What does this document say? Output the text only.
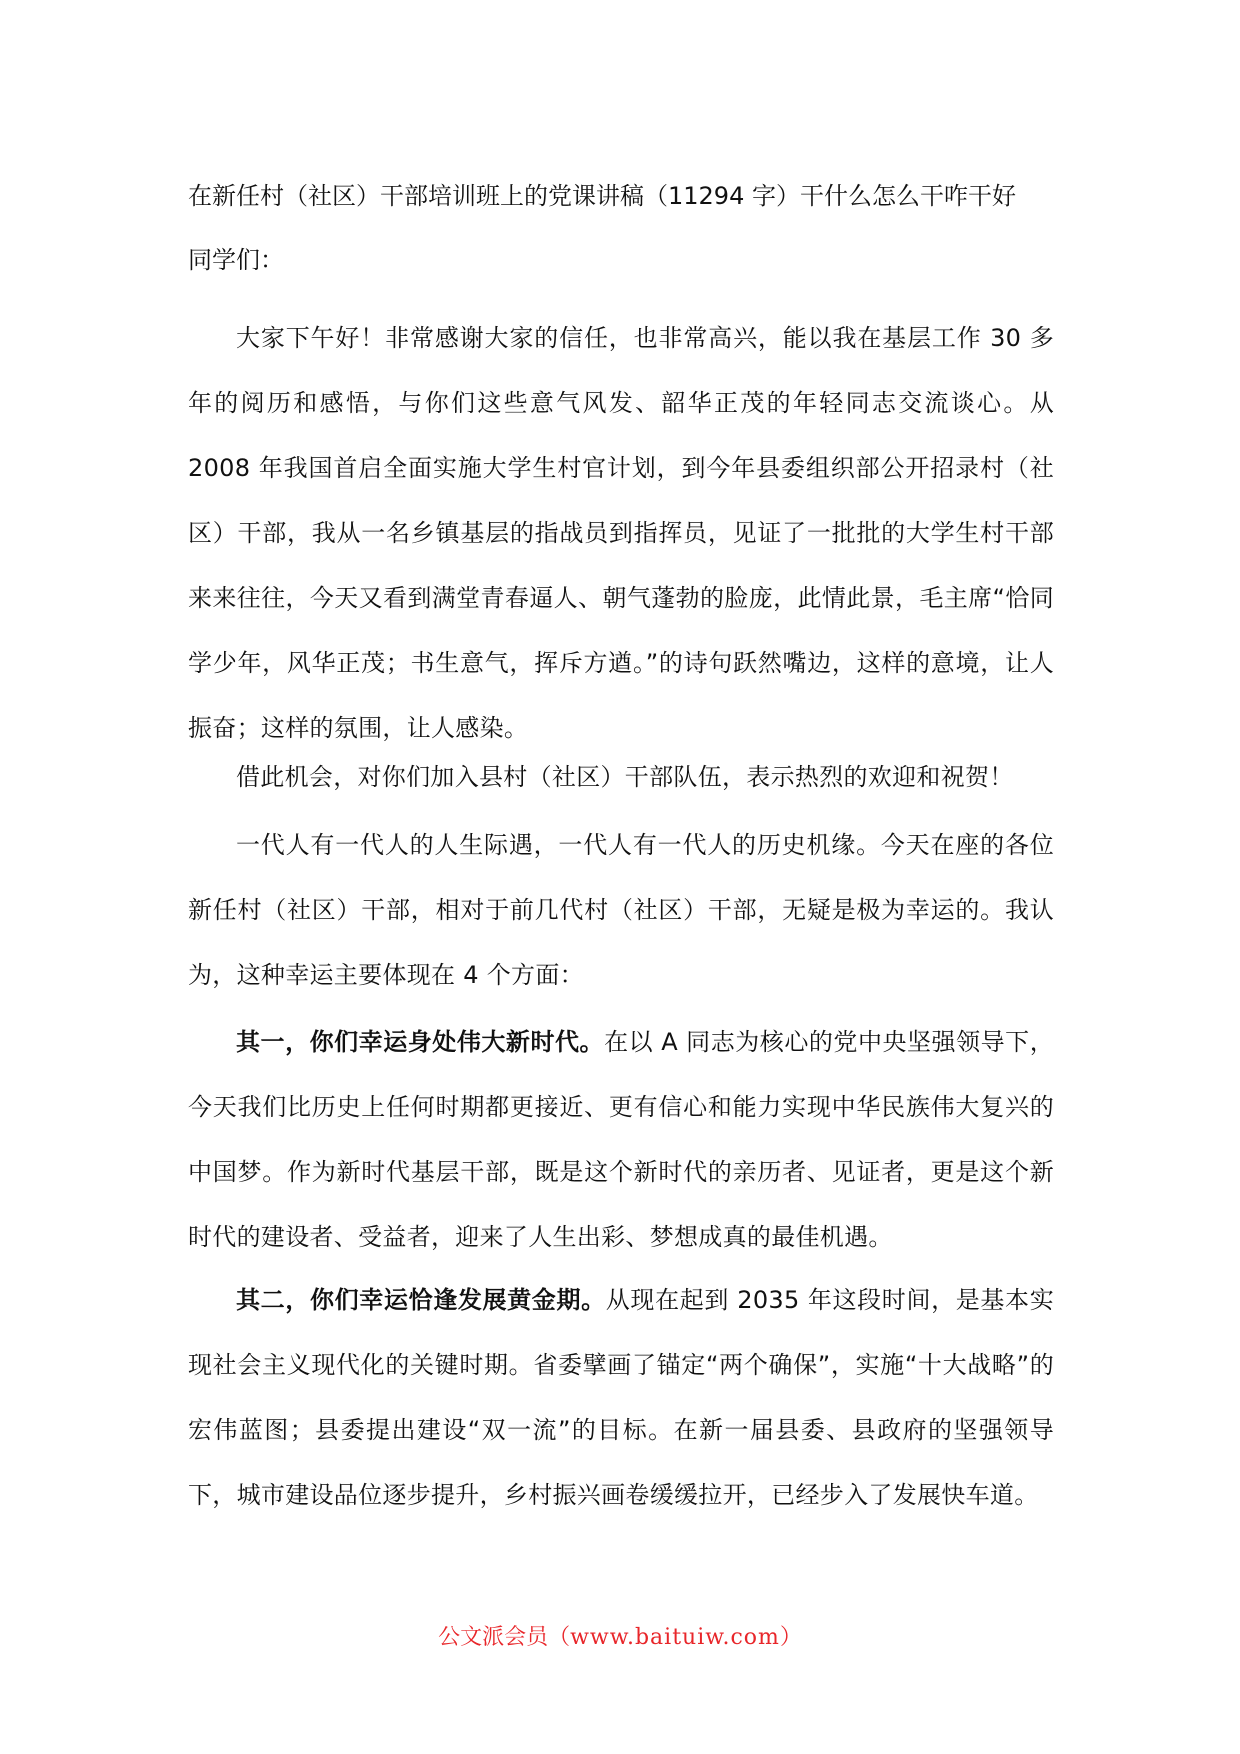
在新任村（社区）干部培训班上的党课讲稿（11294 字）干什么怎么干咋干好
同学们：

大家下午好！非常感谢大家的信任，也非常高兴，能以我在基层工作 30 多年的阅历和感悟，与你们这些意气风发、韶华正茂的年轻同志交流谈心。从 2008 年我国首启全面实施大学生村官计划，到今年县委组织部公开招录村（社区）干部，我从一名乡镇基层的指战员到指挥员，见证了一批批的大学生村干部来来往往，今天又看到满堂青春逼人、朝气蓬勃的脸庞，此情此景，毛主席“恰同学少年，风华正茂；书生意气，挥斥方遒。”的诗句跃然嘴边，这样的意境，让人振奋；这样的氛围，让人感染。

借此机会，对你们加入县村（社区）干部队伍，表示热烈的欢迎和祝贺！

一代人有一代人的人生际遇，一代人有一代人的历史机缘。今天在座的各位新任村（社区）干部，相对于前几代村（社区）干部，无疑是极为幸运的。我认为，这种幸运主要体现在 4 个方面：

其一，你们幸运身处伟大新时代。在以 A 同志为核心的党中央坚强领导下，今天我们比历史上任何时期都更接近、更有信心和能力实现中华民族伟大复兴的中国梦。作为新时代基层干部，既是这个新时代的亲历者、见证者，更是这个新时代的建设者、受益者，迎来了人生出彩、梦想成真的最佳机遇。

其二，你们幸运恰逢发展黄金期。从现在起到 2035 年这段时间，是基本实现社会主义现代化的关键时期。省委擘画了锚定“两个确保”，实施“十大战略”的宏伟蓝图；县委提出建设“双一流”的目标。在新一届县委、县政府的坚强领导下，城市建设品位逐步提升，乡村振兴画卷缓缓拉开，已经步入了发展快车道。

公文派会员（www.baituiw.com）
